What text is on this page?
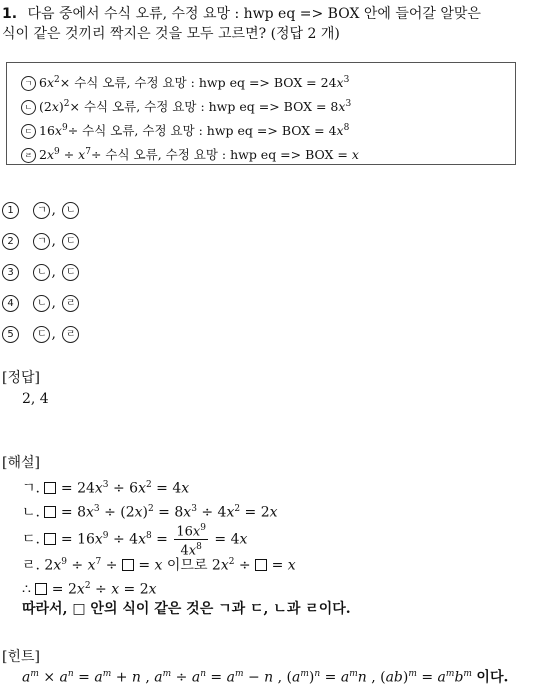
1. 다음 중에서 수식 오류, 수정 요망 : hwp eq => BOX 안에 들어갈 알맞은
식이 같은 것끼리 짝지은 것을 모두 고르면? (정답 2 개)
ㄱ $6x^2\times$ 수식 오류, 수정 요망 : hwp eq => BOX = $24x^3$
ㄴ $(2x)^2\times$ 수식 오류, 수정 요망 : hwp eq => BOX = $8x^3$
ㄷ $16x^9\div$ 수식 오류, 수정 요망 : hwp eq => BOX = $4x^8$
ㄹ $2x^9 \div x^7\div$ 수식 오류, 수정 요망 : hwp eq => BOX = x
1 ㄱ , ㄴ
2 ㄱ , ㄷ
3 ㄴ , ㄷ
4 ㄴ , ㄹ
5 ㄷ , ㄹ
[정답]
2, 4
[해설]
ㄱ.  = $24x^3 \div 6x^2 = 4x$
ㄴ.  = $8x^3 \div (2x)^2 = 8x^3 \div 4x^2 = 2x$
ㄷ.  = $16x^9 \div 4x^8 = \frac{16x^9}{4x^8} = 4x$
ㄹ. $2x^9 \div x^7$ ÷  = x 이므로 $2x^2$ ÷  = x
∴  = $2x^2 \div x = 2x$
따라서, □ 안의 식이 같은 것은 ㄱ과 ㄷ, ㄴ과 ㄹ이다.
[힌트]
$a^m \times a^n = a^m + n$ , $a^m \div a^n = a^m - n$ , $(a^m)^n = a^mn$ , $(ab)^m = a^mb^m$ 이다.
